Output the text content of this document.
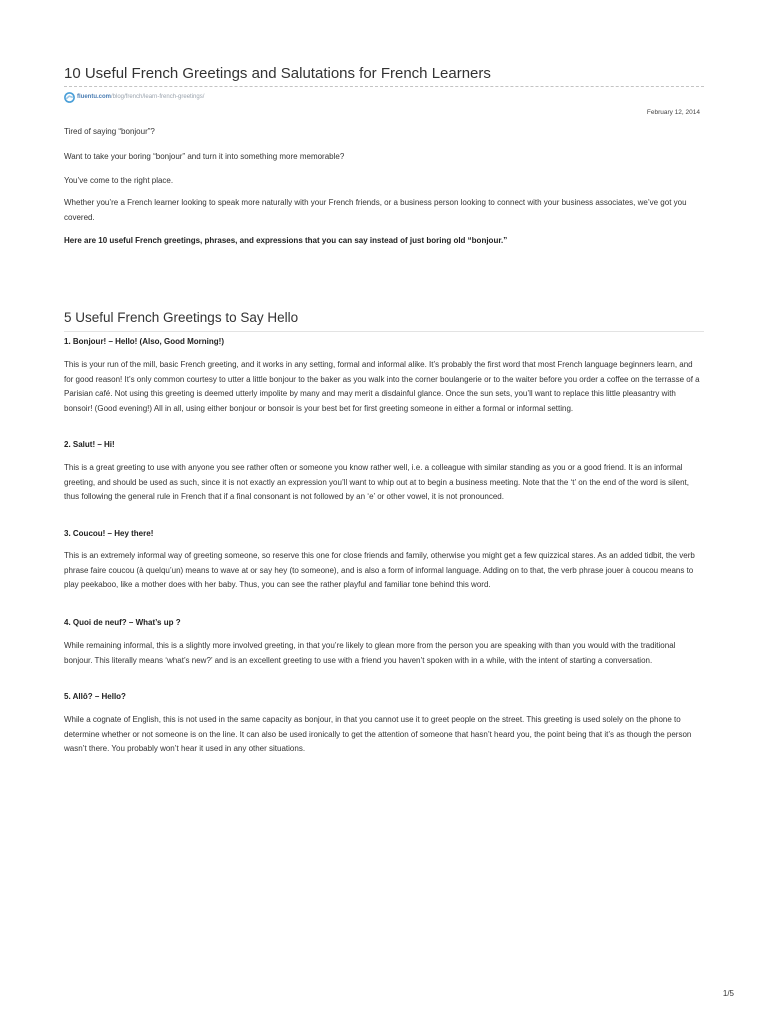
10 Useful French Greetings and Salutations for French Learners
fluentu.com /blog/french/learn-french-greetings/
February 12, 2014

Tired of saying “bonjour”?

Want to take your boring “bonjour” and turn it into something more memorable?

You’ve come to the right place.

Whether you’re a French learner looking to speak more naturally with your French friends, or a business person looking to connect with your business associates, we’ve got you covered.

Here are 10 useful French greetings, phrases, and expressions that you can say instead of just boring old “bonjour.”

5 Useful French Greetings to Say Hello

1. Bonjour! – Hello! (Also, Good Morning!)

This is your run of the mill, basic French greeting, and it works in any setting, formal and informal alike. It’s probably the first word that most French language beginners learn, and for good reason! It’s only common courtesy to utter a little bonjour to the baker as you walk into the corner boulangerie or to the waiter before you order a coffee on the terrasse of a Parisian café. Not using this greeting is deemed utterly impolite by many and may merit a disdainful glance. Once the sun sets, you’ll want to replace this little pleasantry with bonsoir! (Good evening!) All in all, using either bonjour or bonsoir is your best bet for first greeting someone in either a formal or informal setting.

2. Salut! – Hi!

This is a great greeting to use with anyone you see rather often or someone you know rather well, i.e. a colleague with similar standing as you or a good friend. It is an informal greeting, and should be used as such, since it is not exactly an expression you’ll want to whip out at to begin a business meeting. Note that the ‘t’ on the end of the word is silent, thus following the general rule in French that if a final consonant is not followed by an ‘e’ or other vowel, it is not pronounced.

3. Coucou! – Hey there!

This is an extremely informal way of greeting someone, so reserve this one for close friends and family, otherwise you might get a few quizzical stares. As an added tidbit, the verb phrase faire coucou (à quelqu’un) means to wave at or say hey (to someone), and is also a form of informal language. Adding on to that, the verb phrase jouer à coucou means to play peekaboo, like a mother does with her baby. Thus, you can see the rather playful and familiar tone behind this word.

4. Quoi de neuf? – What’s up ?

While remaining informal, this is a slightly more involved greeting, in that you’re likely to glean more from the person you are speaking with than you would with the traditional bonjour. This literally means ‘what’s new?’ and is an excellent greeting to use with a friend you haven’t spoken with in a while, with the intent of starting a conversation.

5. Allô? – Hello?

While a cognate of English, this is not used in the same capacity as bonjour, in that you cannot use it to greet people on the street. This greeting is used solely on the phone to determine whether or not someone is on the line. It can also be used ironically to get the attention of someone that hasn’t heard you, the point being that it’s as though the person wasn’t there. You probably won’t hear it used in any other situations.

1/5
